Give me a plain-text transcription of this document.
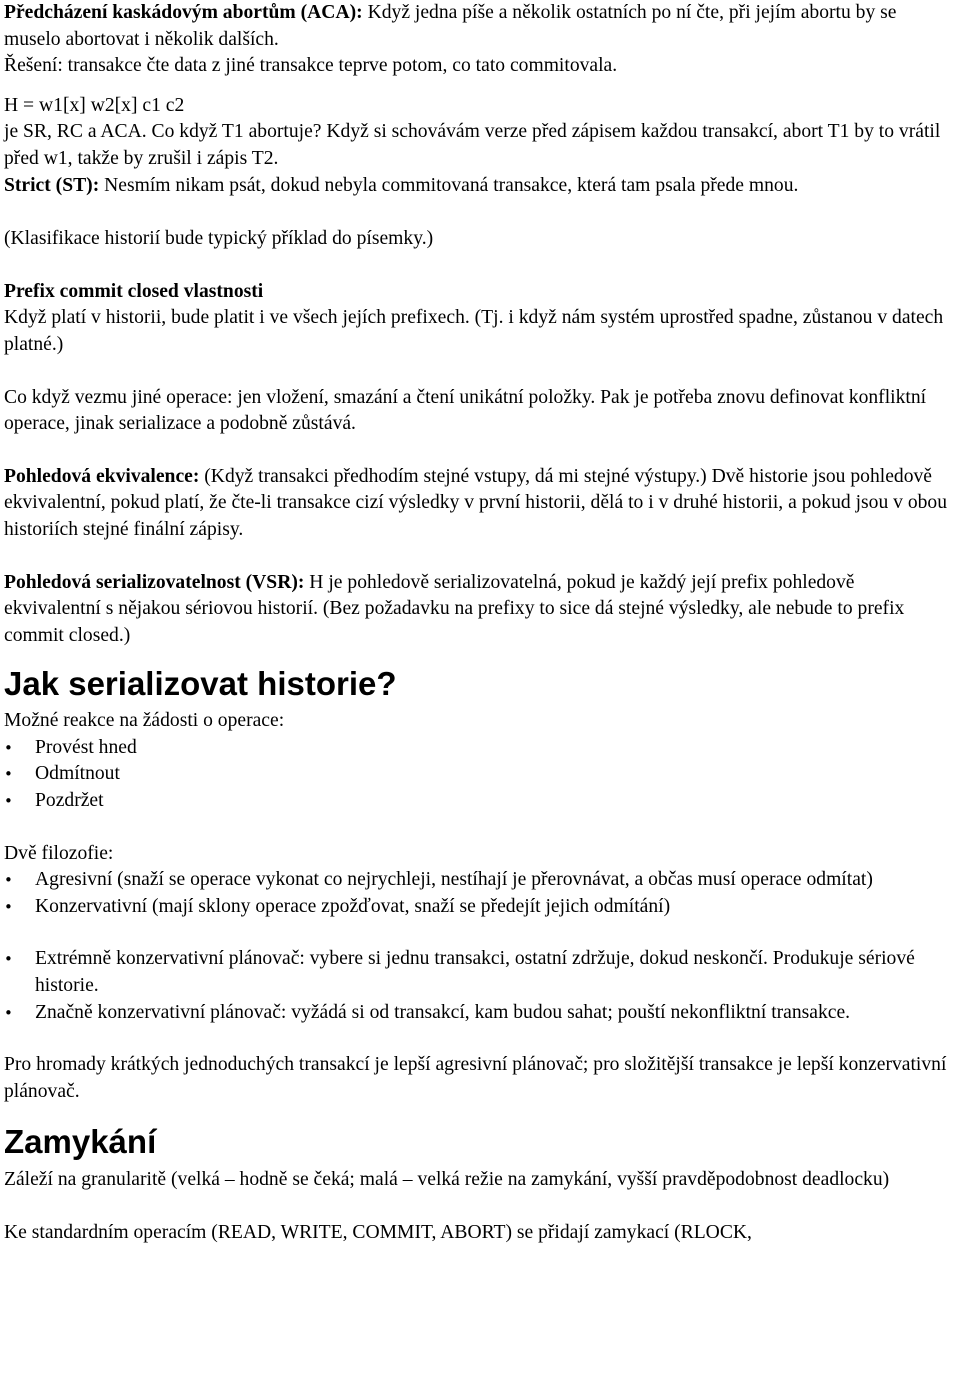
Předcházení kaskádovým abortům (ACA): Když jedna píše a několik ostatních po ní čte, při jejím abortu by se muselo abortovat i několik dalších.

Řešení: transakce čte data z jiné transakce teprve potom, co tato commitovala.

H = w1[x] w2[x] c1 c2

je SR, RC a ACA. Co když T1 abortuje? Když si schovávám verze před zápisem každou transakcí, abort T1 by to vrátil před w1, takže by zrušil i zápis T2.

Strict (ST): Nesmím nikam psát, dokud nebyla commitovaná transakce, která tam psala přede mnou.

(Klasifikace historií bude typický příklad do písemky.)

Prefix commit closed vlastnosti

Když platí v historii, bude platit i ve všech jejích prefixech. (Tj. i když nám systém uprostřed spadne, zůstanou v datech platné.)

Co když vezmu jiné operace: jen vložení, smazání a čtení unikátní položky. Pak je potřeba znovu definovat konfliktní operace, jinak serializace a podobně zůstává.

Pohledová ekvivalence: (Když transakci předhodím stejné vstupy, dá mi stejné výstupy.) Dvě historie jsou pohledově ekvivalentní, pokud platí, že čte-li transakce cizí výsledky v první historii, dělá to i v druhé historii, a pokud jsou v obou historiích stejné finální zápisy.

Pohledová serializovatelnost (VSR): H je pohledově serializovatelná, pokud je každý její prefix pohledově ekvivalentní s nějakou sériovou historií. (Bez požadavku na prefixy to sice dá stejné výsledky, ale nebude to prefix commit closed.)

Jak serializovat historie?

Možné reakce na žádosti o operace:

• Provést hned
• Odmítnout
• Pozdržet

Dvě filozofie:

• Agresivní (snaží se operace vykonat co nejrychleji, nestíhají je přerovnávat, a občas musí operace odmítat)
• Konzervativní (mají sklony operace zpožďovat, snaží se předejít jejich odmítání)
• Extrémně konzervativní plánovač: vybere si jednu transakci, ostatní zdržuje, dokud neskončí. Produkuje sériové historie.
• Značně konzervativní plánovač: vyžádá si od transakcí, kam budou sahat; pouští nekonfliktní transakce.

Pro hromady krátkých jednoduchých transakcí je lepší agresivní plánovač; pro složitější transakce je lepší konzervativní plánovač.

Zamykání

Záleží na granularitě (velká – hodně se čeká; malá – velká režie na zamykání, vyšší pravděpodobnost deadlocku)

Ke standardním operacím (READ, WRITE, COMMIT, ABORT) se přidají zamykací (RLOCK,
